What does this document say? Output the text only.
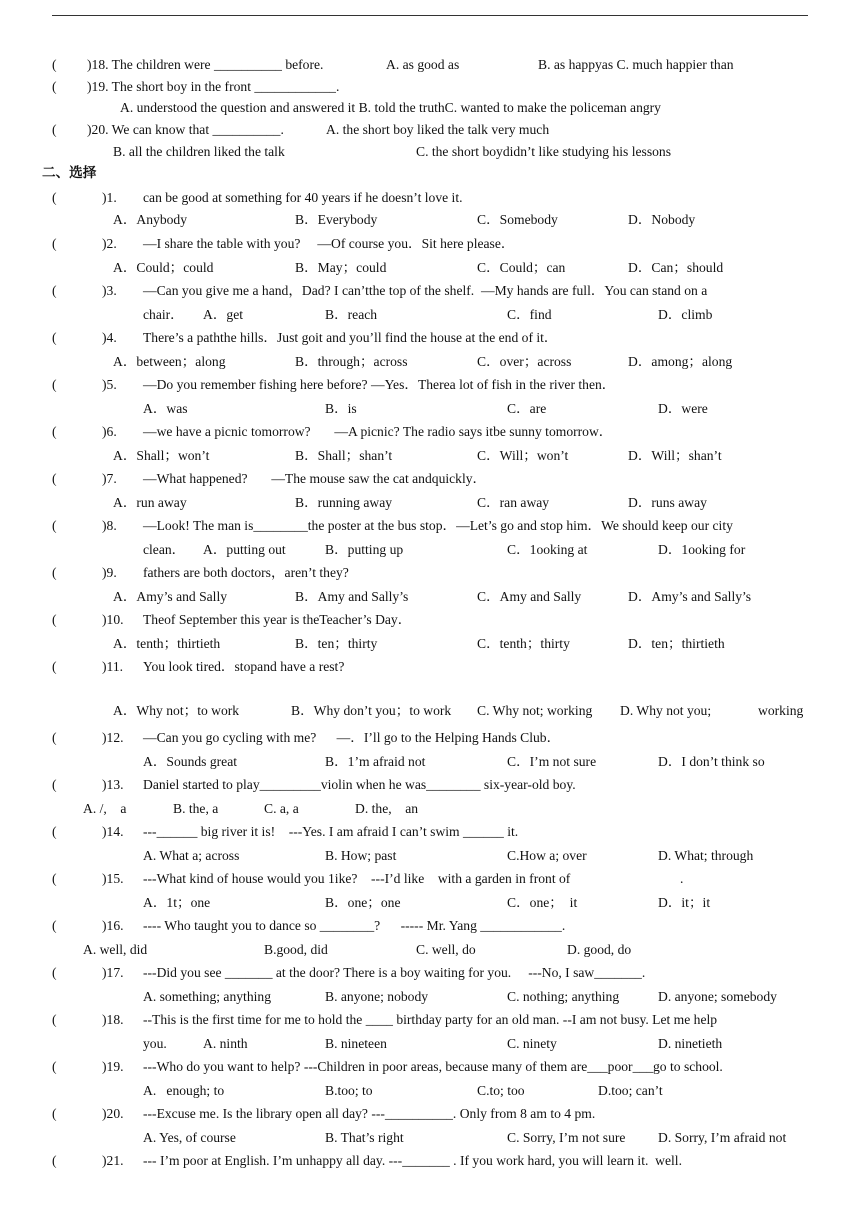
( )18. The children were __________ before.	A. as good as	B. as happyas C. much happier than
( )19. The short boy in the front ____________.
A. understood the question and answered it B. told the truthC. wanted to make the policeman angry
( )20. We can know that __________.	A. the short boy liked the talk very much
B. all the children liked the talk	C. the short boydidn’t like studying his lessons
二、选择
(	)1. can be good at something for 40 years if he doesn’t love it.
A．Anybody	B．Everybody	C．Somebody	D．Nobody
(	)2. —I share the table with you?     —Of course you．Sit here please．
A．Could；could	B．May；could	C．Could；can	D．Can；should
(	)3. —Can you give me a hand，Dad? I can’tthe top of the shelf.  —My hands are full．You can stand on a
chair． A．get	B．reach	C．find	D．climb
(	)4. There’s a paththe hills．Just goit and you’ll find the house at the end of it．
A．between；along	B．through；across	C．over；across	D．among；along
(	)5. —Do you remember fishing here before? —Yes．Therea lot of fish in the river then．
A．was	B．is	C．are	D．were
(	)6. —we have a picnic tomorrow?       —A picnic? The radio says itbe sunny tomorrow．
A．Shall；won’t	B．Shall；shan’t	C．Will；won’t	D．Will；shan’t
(	)7. —What happened?       —The mouse saw the cat andquickly．
A．run away	B．running away	C．ran away	D．runs away
(	)8. —Look! The man is________the poster at the bus stop．—Let’s go and stop him．We should keep our city
clean． A．putting out	B．putting up	C．1ooking at	D．1ooking for
(	)9. fathers are both doctors，aren’t they?
A．Amy’s and Sally	B．Amy and Sally’s	C．Amy and Sally	D．Amy’s and Sally’s
(	)10. Theof September this year is theTeacher’s Day．
A．tenth；thirtieth	B．ten；thirty	C．tenth；thirty	D．ten；thirtieth
(	)11. You look tired．stopand have a rest?
A．Why not；to work	B．Why don’t you；to work C. Why not; working D. Why not you;	working
(	)12. —Can you go cycling with me?      —．I’ll go to the Helping Hands Club．
A．Sounds great	B．1’m afraid not	C．I’m not sure	D．I don’t think so
(	)13. Daniel started to play_________violin when he was________ six-year-old boy.
A. /,    a	B. the, a	C. a, a	D. the,    an
(	)14. ---______ big river it is!    ---Yes. I am afraid I can’t swim ______ it.
A. What a; across	B. How; past	C.How a; over	D. What; through
(	)15. ---What kind of house would you 1ike?    ---I’d like    with a garden in front of	.
A．1t；one	B．one；one	C．one；  it	D．it；it
(	)16. ---- Who taught you to dance so ________?      ----- Mr. Yang ____________.
A. well, did	B.good, did	C. well, do	D. good, do
(	)17. ---Did you see _______ at the door? There is a boy waiting for you.     ---No, I saw_______.
A. something; anything	B. anyone; nobody	C. nothing; anything	D. anyone; somebody
(	)18. --This is the first time for me to hold the ____ birthday party for an old man. --I am not busy. Let me help
you.	A. ninth	B. nineteen	C. ninety	D. ninetieth
(	)19. ---Who do you want to help? ---Children in poor areas, because many of them are___poor___go to school.
A.   enough; to	B.too; to	C.to; too	D.too; can’t
(	)20. ---Excuse me. Is the library open all day? ---__________. Only from 8 am to 4 pm.
A. Yes, of course	B. That’s right	C. Sorry, I’m not sure D. Sorry, I’m afraid not
(	)21. --- I’m poor at English. I’m unhappy all day. ---_______ . If you work hard, you will learn it.  well.
